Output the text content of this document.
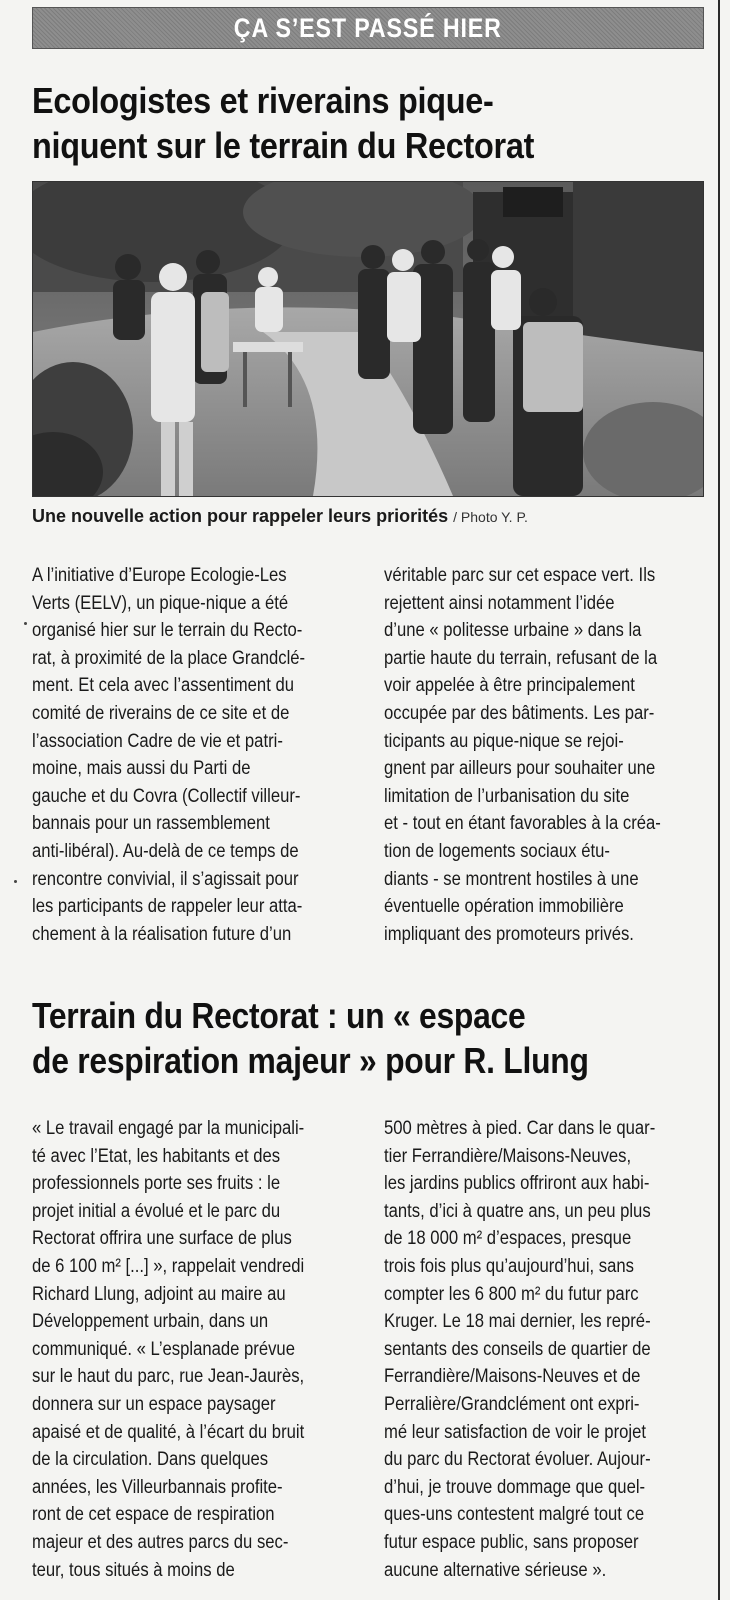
ÇA S’EST PASSÉ HIER
Ecologistes et riverains pique-
niquent sur le terrain du Rectorat
Une nouvelle action pour rappeler leurs priorités / Photo Y. P.
A l’initiative d’Europe Ecologie-Les
Verts (EELV), un pique-nique a été
organisé hier sur le terrain du Recto-
rat, à proximité de la place Grandclé-
ment. Et cela avec l’assentiment du
comité de riverains de ce site et de
l’association Cadre de vie et patri-
moine, mais aussi du Parti de
gauche et du Covra (Collectif villeur-
bannais pour un rassemblement
anti-libéral). Au-delà de ce temps de
rencontre convivial, il s’agissait pour
les participants de rappeler leur atta-
chement à la réalisation future d’un
véritable parc sur cet espace vert. Ils
rejettent ainsi notamment l’idée
d’une « politesse urbaine » dans la
partie haute du terrain, refusant de la
voir appelée à être principalement
occupée par des bâtiments. Les par-
ticipants au pique-nique se rejoi-
gnent par ailleurs pour souhaiter une
limitation de l’urbanisation du site
et - tout en étant favorables à la créa-
tion de logements sociaux étu-
diants - se montrent hostiles à une
éventuelle opération immobilière
impliquant des promoteurs privés.
Terrain du Rectorat : un « espace
de respiration majeur » pour R. Llung
« Le travail engagé par la municipali-
té avec l’Etat, les habitants et des
professionnels porte ses fruits : le
projet initial a évolué et le parc du
Rectorat offrira une surface de plus
de 6 100 m² [...] », rappelait vendredi
Richard Llung, adjoint au maire au
Développement urbain, dans un
communiqué. « L’esplanade prévue
sur le haut du parc, rue Jean-Jaurès,
donnera sur un espace paysager
apaisé et de qualité, à l’écart du bruit
de la circulation. Dans quelques
années, les Villeurbannais profite-
ront de cet espace de respiration
majeur et des autres parcs du sec-
teur, tous situés à moins de
500 mètres à pied. Car dans le quar-
tier Ferrandière/Maisons-Neuves,
les jardins publics offriront aux habi-
tants, d’ici à quatre ans, un peu plus
de 18 000 m² d’espaces, presque
trois fois plus qu’aujourd’hui, sans
compter les 6 800 m² du futur parc
Kruger. Le 18 mai dernier, les repré-
sentants des conseils de quartier de
Ferrandière/Maisons-Neuves et de
Perralière/Grandclément ont expri-
mé leur satisfaction de voir le projet
du parc du Rectorat évoluer. Aujour-
d’hui, je trouve dommage que quel-
ques-uns contestent malgré tout ce
futur espace public, sans proposer
aucune alternative sérieuse ».
